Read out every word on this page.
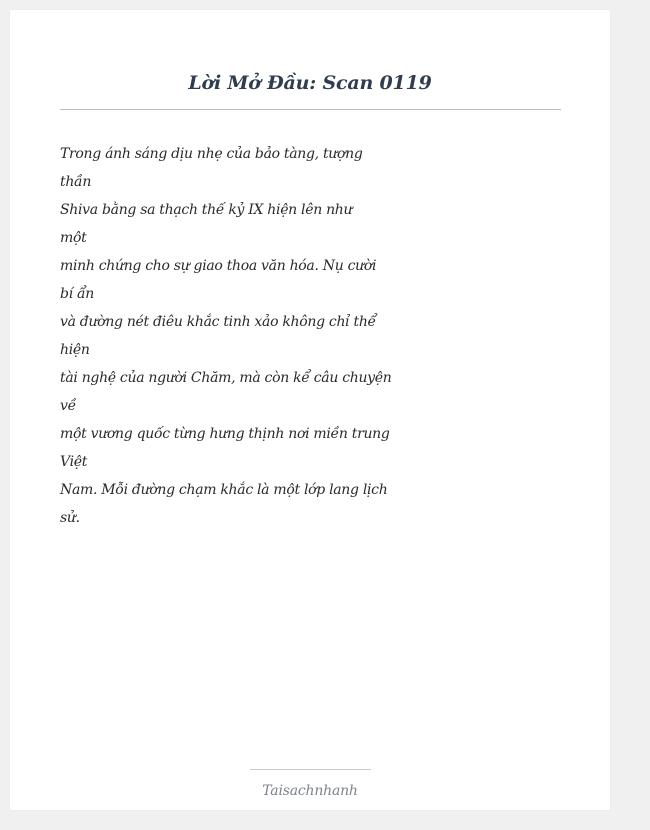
Lời Mở Đầu: Scan 0119

Trong ánh sáng dịu nhẹ của bảo tàng, tượng
thần
Shiva bằng sa thạch thế kỷ IX hiện lên như
một
minh chứng cho sự giao thoa văn hóa. Nụ cười
bí ẩn
và đường nét điêu khắc tinh xảo không chỉ thể
hiện
tài nghệ của người Chăm, mà còn kể câu chuyện
về
một vương quốc từng hưng thịnh nơi miền trung
Việt
Nam. Mỗi đường chạm khắc là một lớp lang lịch
sử.

Taisachnhanh
